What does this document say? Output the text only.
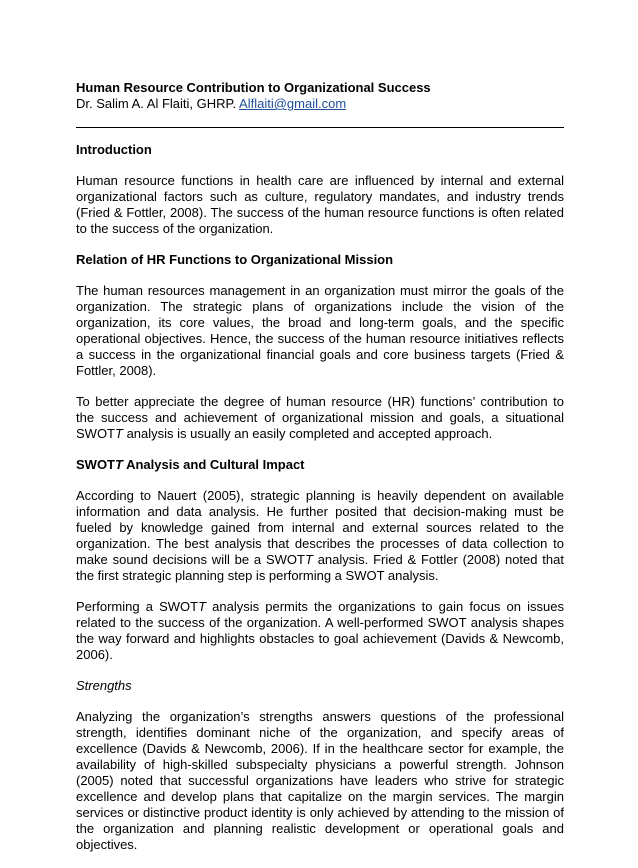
Human Resource Contribution to Organizational Success

Dr. Salim A. Al Flaiti, GHRP. Alflaiti@gmail.com

Introduction

Human resource functions in health care are influenced by internal and external organizational factors such as culture, regulatory mandates, and industry trends (Fried & Fottler, 2008). The success of the human resource functions is often related to the success of the organization.

Relation of HR Functions to Organizational Mission

The human resources management in an organization must mirror the goals of the organization. The strategic plans of organizations include the vision of the organization, its core values, the broad and long-term goals, and the specific operational objectives. Hence, the success of the human resource initiatives reflects a success in the organizational financial goals and core business targets (Fried & Fottler, 2008).

To better appreciate the degree of human resource (HR) functions’ contribution to the success and achievement of organizational mission and goals, a situational SWOTT analysis is usually an easily completed and accepted approach.

SWOTT Analysis and Cultural Impact

According to Nauert (2005), strategic planning is heavily dependent on available information and data analysis. He further posited that decision-making must be fueled by knowledge gained from internal and external sources related to the organization. The best analysis that describes the processes of data collection to make sound decisions will be a SWOTT analysis. Fried & Fottler (2008) noted that the first strategic planning step is performing a SWOT analysis.

Performing a SWOTT analysis permits the organizations to gain focus on issues related to the success of the organization. A well-performed SWOT analysis shapes the way forward and highlights obstacles to goal achievement (Davids & Newcomb, 2006).

Strengths

Analyzing the organization’s strengths answers questions of the professional strength, identifies dominant niche of the organization, and specify areas of excellence (Davids & Newcomb, 2006). If in the healthcare sector for example, the availability of high-skilled subspecialty physicians a powerful strength. Johnson (2005) noted that successful organizations have leaders who strive for strategic excellence and develop plans that capitalize on the margin services. The margin services or distinctive product identity is only achieved by attending to the mission of the organization and planning realistic development or operational goals and objectives.
